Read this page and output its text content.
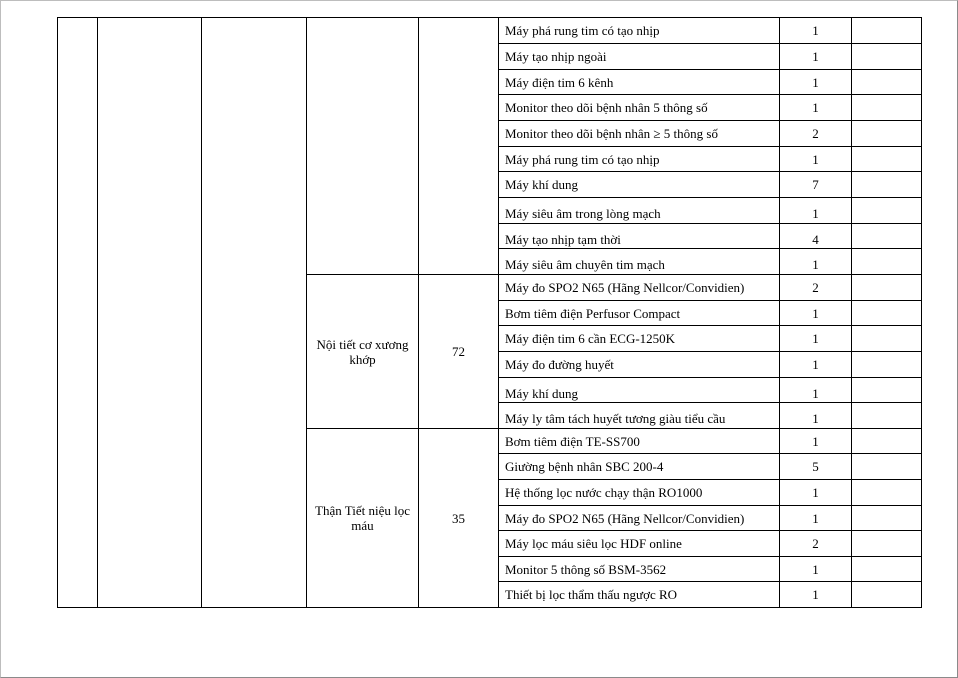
					Máy phá rung tim có tạo nhịp	1	
					Máy tạo nhịp ngoài	1	
					Máy điện tim 6 kênh	1	
					Monitor theo dõi bệnh nhân 5 thông số	1	
					Monitor theo dõi bệnh nhân ≥ 5 thông số	2	
					Máy phá rung tim có tạo nhịp	1	
					Máy khí dung	7	
					Máy siêu âm trong lòng mạch	1	
					Máy tạo nhịp tạm thời	4	
					Máy siêu âm chuyên tim mạch	1	
			Nội tiết cơ xương khớp	72	Máy đo SPO2 N65 (Hãng Nellcor/Convidien)	2	
					Bơm tiêm điện Perfusor Compact	1	
					Máy điện tim 6 cần ECG-1250K	1	
					Máy đo đường huyết	1	
					Máy khí dung	1	
					Máy ly tâm tách huyết tương giàu tiểu cầu	1	
			Thận Tiết niệu lọc máu	35	Bơm tiêm điện TE-SS700	1	
					Giường bệnh nhân SBC 200-4	5	
					Hệ thống lọc nước chạy thận RO1000	1	
					Máy đo SPO2 N65 (Hãng Nellcor/Convidien)	1	
					Máy lọc máu siêu lọc HDF online	2	
					Monitor 5 thông số BSM-3562	1	
					Thiết bị lọc thẩm thấu ngược RO	1	
